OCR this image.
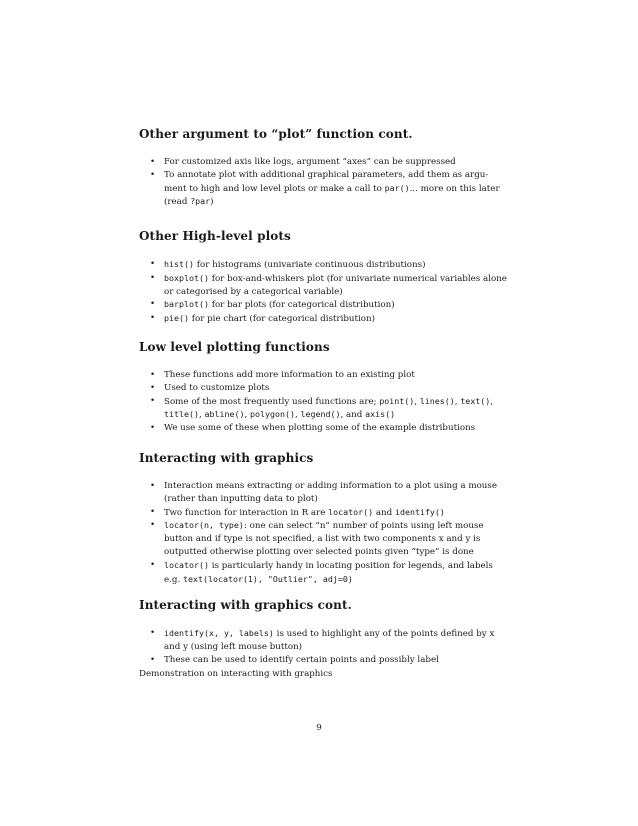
Other argument to “plot” function cont.
• For customized axis like logs, argument “axes” can be suppressed
• To annotate plot with additional graphical parameters, add them as argu-ment to high and low level plots or make a call to par()... more on this later (read ?par)
Other High-level plots
• hist() for histograms (univariate continuous distributions)
• boxplot() for box-and-whiskers plot (for univariate numerical variables alone or categorised by a categorical variable)
• barplot() for bar plots (for categorical distribution)
• pie() for pie chart (for categorical distribution)
Low level plotting functions
• These functions add more information to an existing plot
• Used to customize plots
• Some of the most frequently used functions are; point(), lines(), text(), title(), abline(), polygon(), legend(), and axis()
• We use some of these when plotting some of the example distributions
Interacting with graphics
• Interaction means extracting or adding information to a plot using a mouse (rather than inputting data to plot)
• Two function for interaction in R are locator() and identify()
• locator(n, type): one can select “n” number of points using left mouse button and if type is not specified, a list with two components x and y is outputted otherwise plotting over selected points given “type” is done
• locator() is particularly handy in locating position for legends, and labels e.g. text(locator(1), "Outlier", adj=0)
Interacting with graphics cont.
• identify(x, y, labels) is used to highlight any of the points defined by x and y (using left mouse button)
• These can be used to identify certain points and possibly label
Demonstration on interacting with graphics
9
